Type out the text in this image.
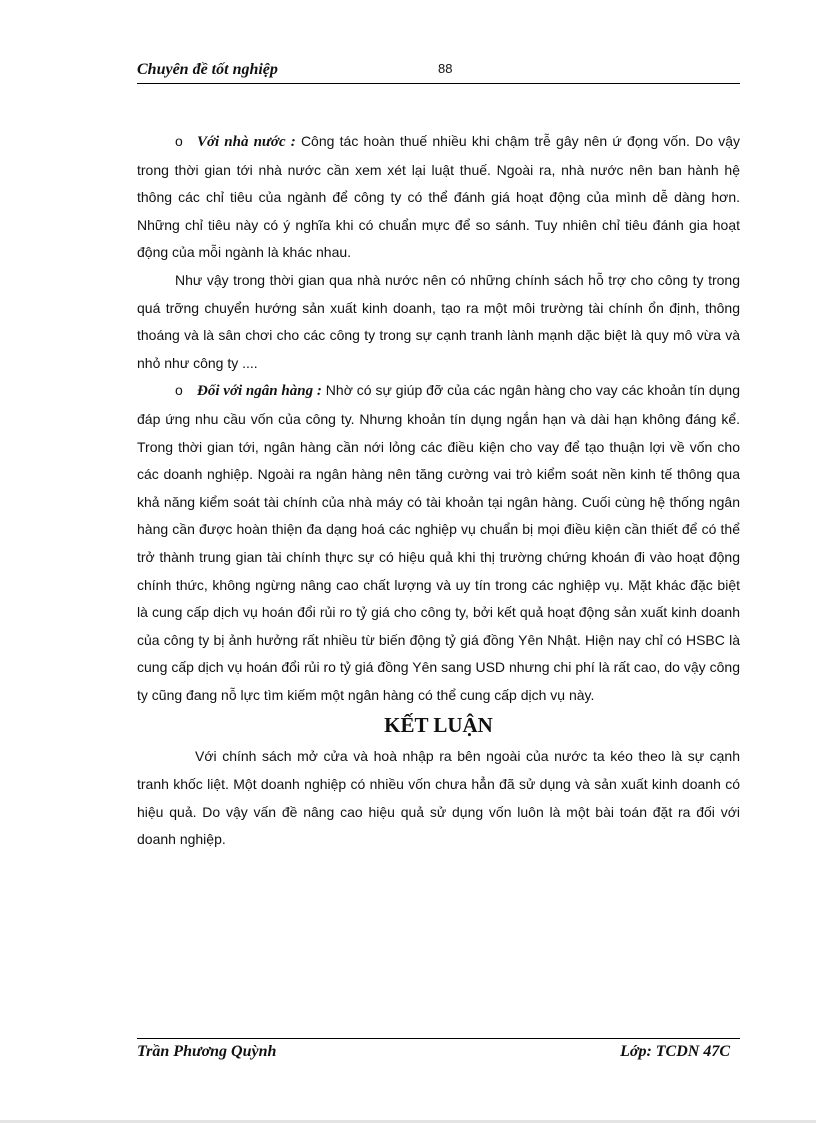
Chuyên đề tốt nghiệp	88

o Với nhà nước : Công tác hoàn thuế nhiều khi chậm trễ gây nên ứ đọng vốn. Do vậy trong thời gian tới nhà nước cần xem xét lại luật thuế. Ngoài ra, nhà nước nên ban hành hệ thông các chỉ tiêu của ngành để công ty có thể đánh giá hoạt động của mình dễ dàng hơn. Những chỉ tiêu này có ý nghĩa khi có chuẩn mực để so sánh. Tuy nhiên chỉ tiêu đánh gia hoạt động của mỗi ngành là khác nhau.

Như vậy trong thời gian qua nhà nước nên có những chính sách hỗ trợ cho công ty trong quá trỡng chuyển hướng sản xuất kinh doanh, tạo ra một môi trường tài chính ổn định, thông thoáng và là sân chơi cho các công ty trong sự cạnh tranh lành mạnh dặc biệt là quy mô vừa và nhỏ như công ty ....

o Đối với ngân hàng : Nhờ có sự giúp đỡ của các ngân hàng cho vay các khoản tín dụng đáp ứng nhu cầu vốn của công ty. Nhưng khoản tín dụng ngắn hạn và dài hạn không đáng kể. Trong thời gian tới, ngân hàng cần nới lỏng các điều kiện cho vay để tạo thuận lợi về vốn cho các doanh nghiệp. Ngoài ra ngân hàng nên tăng cường vai trò kiểm soát nền kinh tế thông qua khả năng kiểm soát tài chính của nhà máy có tài khoản tại ngân hàng. Cuối cùng hệ thống ngân hàng cần được hoàn thiện đa dạng hoá các nghiệp vụ chuẩn bị mọi điều kiện cần thiết để có thể trở thành trung gian tài chính thực sự có hiệu quả khi thị trường chứng khoán đi vào hoạt động chính thức, không ngừng nâng cao chất lượng và uy tín trong các nghiệp vụ. Mặt khác đặc biệt là cung cấp dịch vụ hoán đổi rủi ro tỷ giá cho công ty, bởi kết quả hoạt động sản xuất kinh doanh của công ty bị ảnh hưởng rất nhiều từ biến động tỷ giá đồng Yên Nhật. Hiện nay chỉ có HSBC là cung cấp dịch vụ hoán đổi rủi ro tỷ giá đồng Yên sang USD nhưng chi phí là rất cao, do vậy công ty cũng đang nỗ lực tìm kiếm một ngân hàng có thể cung cấp dịch vụ này.

KẾT LUẬN

Với chính sách mở cửa và hoà nhập ra bên ngoài của nước ta kéo theo là sự cạnh tranh khốc liệt. Một doanh nghiệp có nhiều vốn chưa hẳn đã sử dụng và sản xuất kinh doanh có hiệu quả. Do vậy vấn đề nâng cao hiệu quả sử dụng vốn luôn là một bài toán đặt ra đối với doanh nghiệp.

Trần Phương Quỳnh	Lớp: TCDN 47C
